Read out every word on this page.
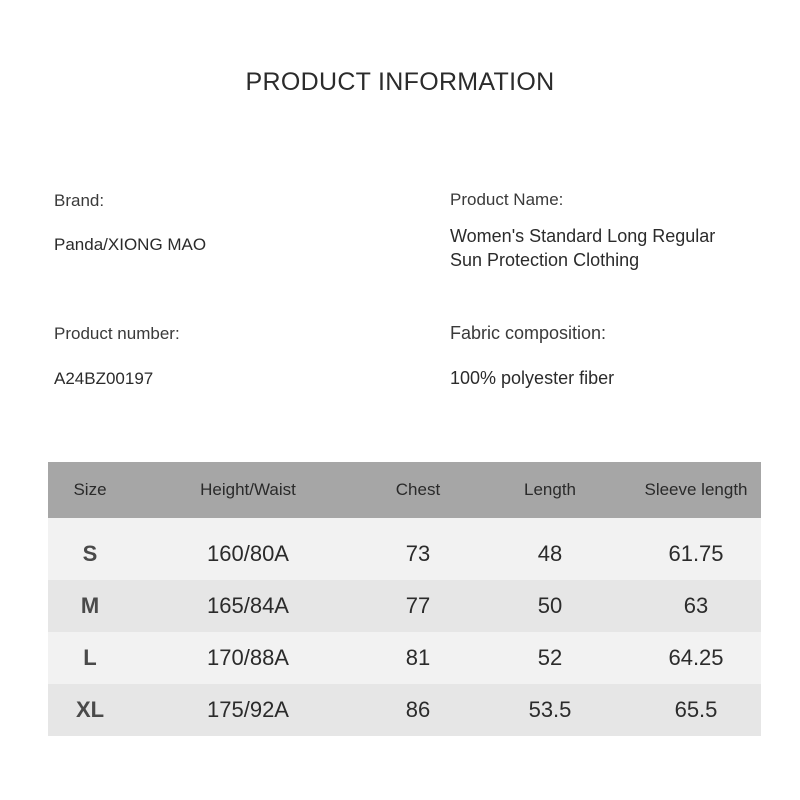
PRODUCT INFORMATION
Brand:
Panda/XIONG MAO
Product Name:
Women's Standard Long Regular
Sun Protection Clothing
Product number:
A24BZ00197
Fabric composition:
100% polyester fiber
Size	Height/Waist	Chest	Length	Sleeve length
S	160/80A	73	48	61.75
M	165/84A	77	50	63
L	170/88A	81	52	64.25
XL	175/92A	86	53.5	65.5
